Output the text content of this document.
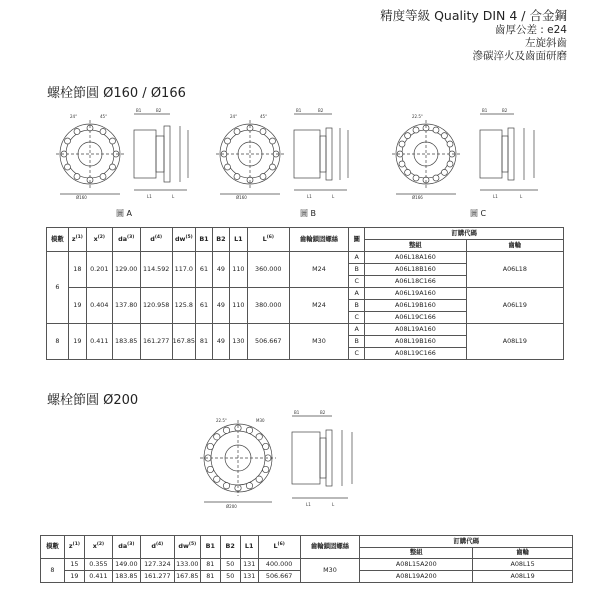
精度等級 Quality DIN 4 / 合金鋼
齒厚公差 : e24
左旋斜齒
滲碳淬火及齒面研磨
螺栓節圓 Ø160 / Ø166
Ø160
B1	B2
L1	L
24°	45°
Ø160
B1	B2
L1	L
24°	45°
Ø166
B1	B2
L1	L
22.5°
圖 A	圖 B	圖 C
模數	$z^{(1)}$	$x^{(2)}$	$da^{(3)}$	$d^{(4)}$	$dw^{(5)}$	B1	B2	L1	$L^{(6)}$	齒輪鎖固螺絲	圖	訂購代碼	
												整組	齒輪
6	18	0.201	129.00	114.592	117.0	61	49	110	360.000	M24	A	A06L18A160	A06L18
											B	A06L18B160	
											C	A06L18C166	
	19	0.404	137.80	120.958	125.8	61	49	110	380.000	M24	A	A06L19A160	A06L19
											B	A06L19B160	
											C	A06L19C166	
8	19	0.411	183.85	161.277	167.85	81	49	130	506.667	M30	A	A08L19A160	A08L19
											B	A08L19B160	
											C	A08L19C166	
螺栓節圓 Ø200
Ø200
B1	B2
L1	L
M30
22.5°
模數	$z^{(1)}$	$x^{(2)}$	$da^{(3)}$	$d^{(4)}$	$dw^{(5)}$	B1	B2	L1	$L^{(6)}$	齒輪鎖固螺絲	訂購代碼	
											整組	齒輪
8	15	0.355	149.00	127.324	133.00	81	50	131	400.000	M30	A08L15A200	A08L15
	19	0.411	183.85	161.277	167.85	81	50	131	506.667		A08L19A200	A08L19
